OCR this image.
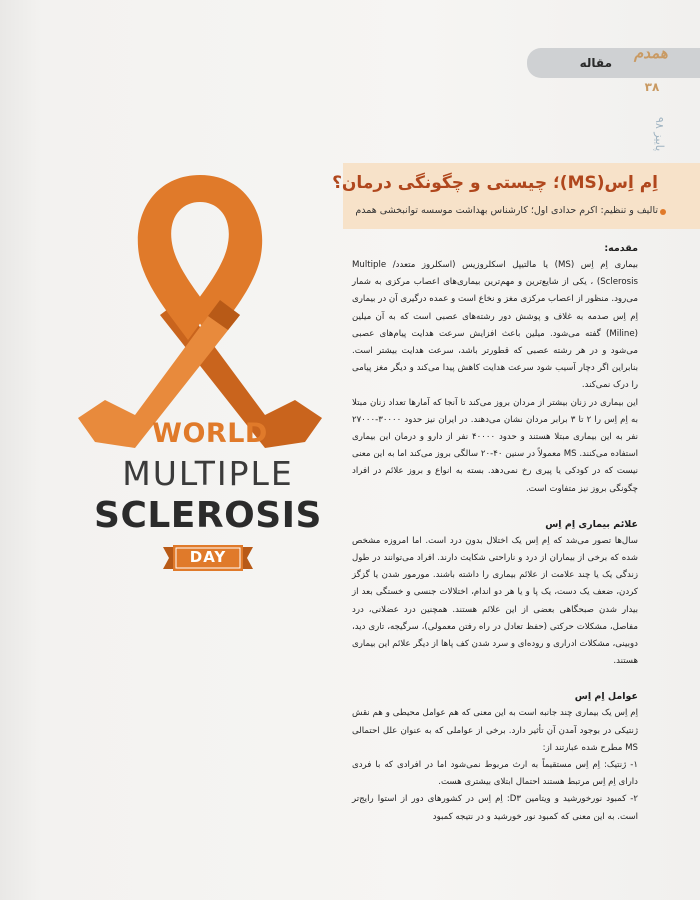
مقاله
همدم
۳۸
پاییز ۹۸
اِم اِس(MS)؛ چیستی و چگونگی درمان؟
تالیف و تنظیم: اکرم حدادی اول؛ کارشناس بهداشت موسسه توانبخشی همدم
WORLD
MULTIPLE
SCLEROSIS
DAY
مقدمه:

بیماری اِم اِس (MS) یا مالتیپل اسکلروزیس (اسکلروز متعدد/ Multiple Sclerosis) ، یکی از شایع‌ترین و مهم‌ترین بیماری‌های اعصاب مرکزی به شمار می‌رود. منظور از اعصاب مرکزی مغز و نخاع است و عمده درگیری آن در بیماری اِم اِس صدمه به غلاف و پوشش دور رشته‌های عصبی است که به آن میلین (Miline) گفته می‌شود. میلین باعث افزایش سرعت هدایت پیام‌های عصبی می‌شود و در هر رشته عصبی که قطورتر باشد، سرعت هدایت بیشتر است. بنابراین اگر دچار آسیب شود سرعت هدایت کاهش پیدا می‌کند و دیگر مغز پیامی را درک نمی‌کند.

این بیماری در زنان بیشتر از مردان بروز می‌کند تا آنجا که آمارها تعداد زنان مبتلا به اِم اِس را ۲ تا ۳ برابر مردان نشان می‌دهند. در ایران نیز حدود ۳۰۰۰۰-۲۷۰۰۰ نفر به این بیماری مبتلا هستند و حدود ۴۰۰۰۰ نفر از دارو و درمان این بیماری استفاده می‌کنند. MS معمولاً در سنین ۴۰-۲۰ سالگی بروز می‌کند اما به این معنی نیست که در کودکی یا پیری رخ نمی‌دهد. بسته به انواع و بروز علائم در افراد چگونگی بروز نیز متفاوت است.

علائم بیماری اِم اِس

سال‌ها تصور می‌شد که اِم اِس یک اختلال بدون درد است. اما امروزه مشخص شده که برخی از بیماران از درد و ناراحتی شکایت دارند. افراد می‌توانند در طول زندگی یک یا چند علامت از علائم بیماری را داشته باشند. مورمور شدن یا گزگز کردن، ضعف یک دست، یک پا و یا هر دو اندام، اختلالات جنسی و خستگی بعد از بیدار شدن صبحگاهی بعضی از این علائم هستند. همچنین درد عضلانی، درد مفاصل، مشکلات حرکتی (حفظ تعادل در راه رفتن معمولی)، سرگیجه، تاری دید، دوبینی، مشکلات ادراری و روده‌ای و سرد شدن کف پاها از دیگر علائم این بیماری هستند.

عوامل اِم اِس

اِم اِس یک بیماری چند جانبه است به این معنی که هم عوامل محیطی و هم نقش ژنتیکی در بوجود آمدن آن تأثیر دارد. برخی از عواملی که به عنوان علل احتمالی MS مطرح شده عبارتند از:

۱- ژنتیک: اِم اِس مستقیماً به ارث مربوط نمی‌شود اما در افرادی که با فردی دارای اِم اِس مرتبط هستند احتمال ابتلای بیشتری هست.

۲- کمبود نورخورشید و ویتامین D۳: اِم اِس در کشورهای دور از استوا رایج‌تر است. به این معنی که کمبود نور خورشید و در نتیجه کمبود
